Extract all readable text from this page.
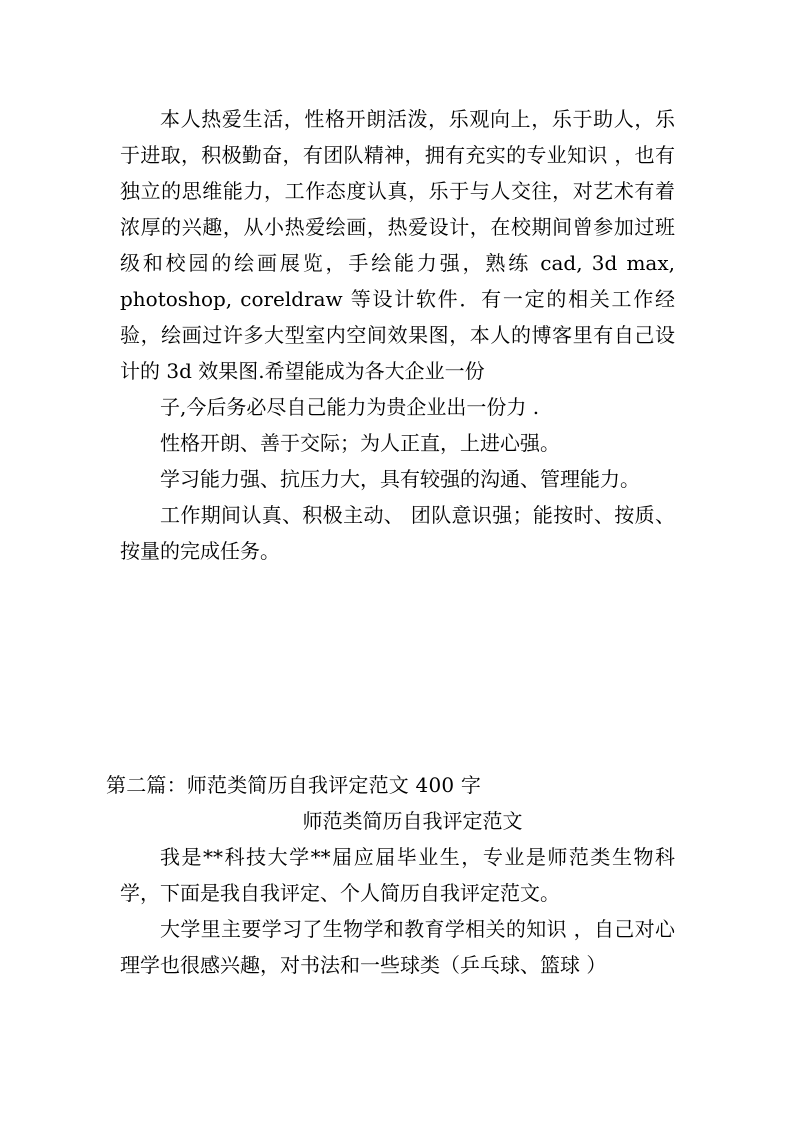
本人热爱生活，性格开朗活泼，乐观向上，乐于助人，乐于进取，积极勤奋，有团队精神，拥有充实的专业知识 ，也有独立的思维能力，工作态度认真，乐于与人交往，对艺术有着浓厚的兴趣，从小热爱绘画，热爱设计，在校期间曾参加过班级和校园的绘画展览，手绘能力强，熟练 cad, 3d max, photoshop, coreldraw 等设计软件．有一定的相关工作经验，绘画过许多大型室内空间效果图，本人的博客里有自己设计的 3d 效果图.希望能成为各大企业一份

子,今后务必尽自己能力为贵企业出一份力 .

性格开朗、善于交际；为人正直，上进心强。

学习能力强、抗压力大，具有较强的沟通、管理能力。

工作期间认真、积极主动、 团队意识强；能按时、按质、按量的完成任务。

第二篇：师范类简历自我评定范文 400 字

师范类简历自我评定范文

我是**科技大学**届应届毕业生，专业是师范类生物科学，下面是我自我评定、个人简历自我评定范文。

大学里主要学习了生物学和教育学相关的知识 ，自己对心理学也很感兴趣，对书法和一些球类（乒乓球、篮球 ）
